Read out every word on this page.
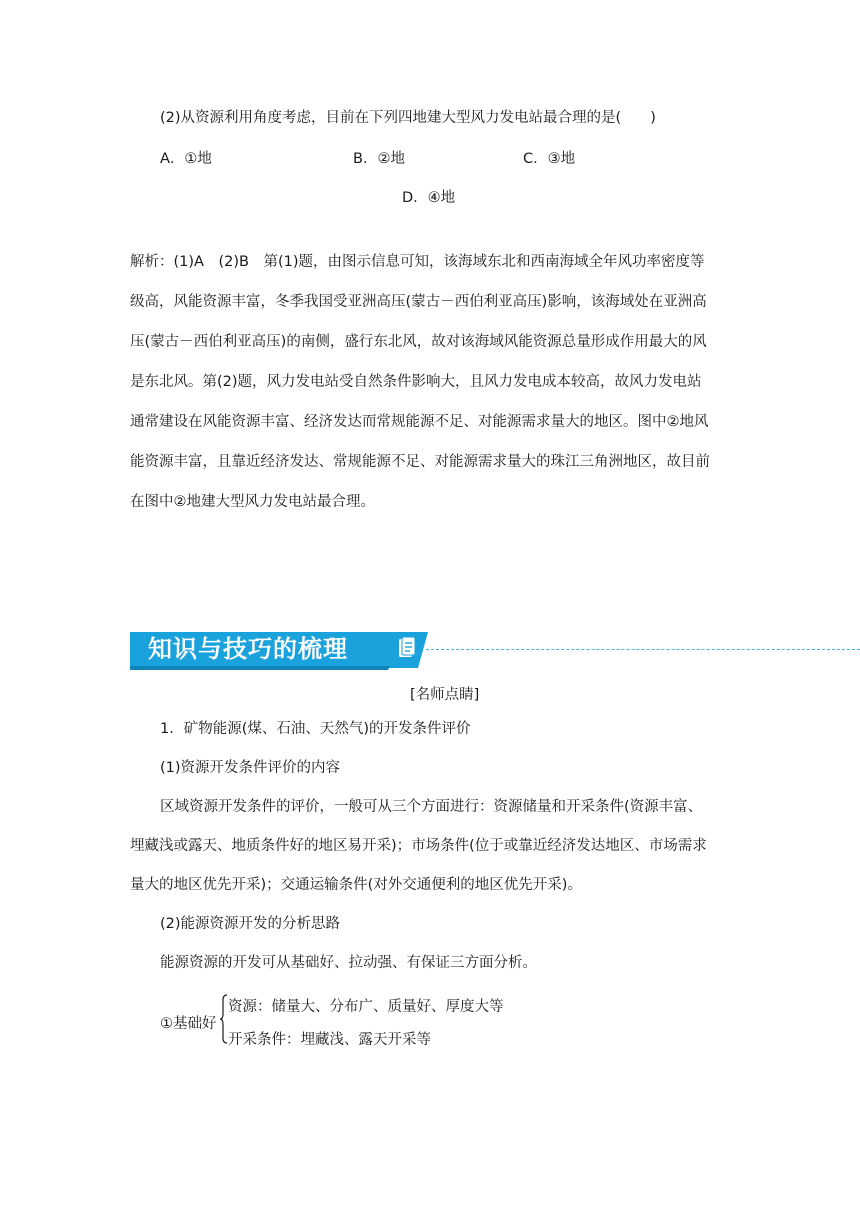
(2)从资源利用角度考虑，目前在下列四地建大型风力发电站最合理的是(　　)
A．①地	B．②地	C．③地
D．④地
解析：(1)A　(2)B　第(1)题，由图示信息可知，该海域东北和西南海域全年风功率密度等
级高，风能资源丰富，冬季我国受亚洲高压(蒙古－西伯利亚高压)影响，该海域处在亚洲高
压(蒙古－西伯利亚高压)的南侧，盛行东北风，故对该海域风能资源总量形成作用最大的风
是东北风。第(2)题，风力发电站受自然条件影响大，且风力发电成本较高，故风力发电站
通常建设在风能资源丰富、经济发达而常规能源不足、对能源需求量大的地区。图中②地风
能资源丰富，且靠近经济发达、常规能源不足、对能源需求量大的珠江三角洲地区，故目前
在图中②地建大型风力发电站最合理。
知识与技巧的梳理
[名师点睛]
1．矿物能源(煤、石油、天然气)的开发条件评价
(1)资源开发条件评价的内容
区域资源开发条件的评价，一般可从三个方面进行：资源储量和开采条件(资源丰富、
埋藏浅或露天、地质条件好的地区易开采)；市场条件(位于或靠近经济发达地区、市场需求
量大的地区优先开采)；交通运输条件(对外交通便利的地区优先开采)。
(2)能源资源开发的分析思路
能源资源的开发可从基础好、拉动强、有保证三方面分析。
①基础好
资源：储量大、分布广、质量好、厚度大等
开采条件：埋藏浅、露天开采等
